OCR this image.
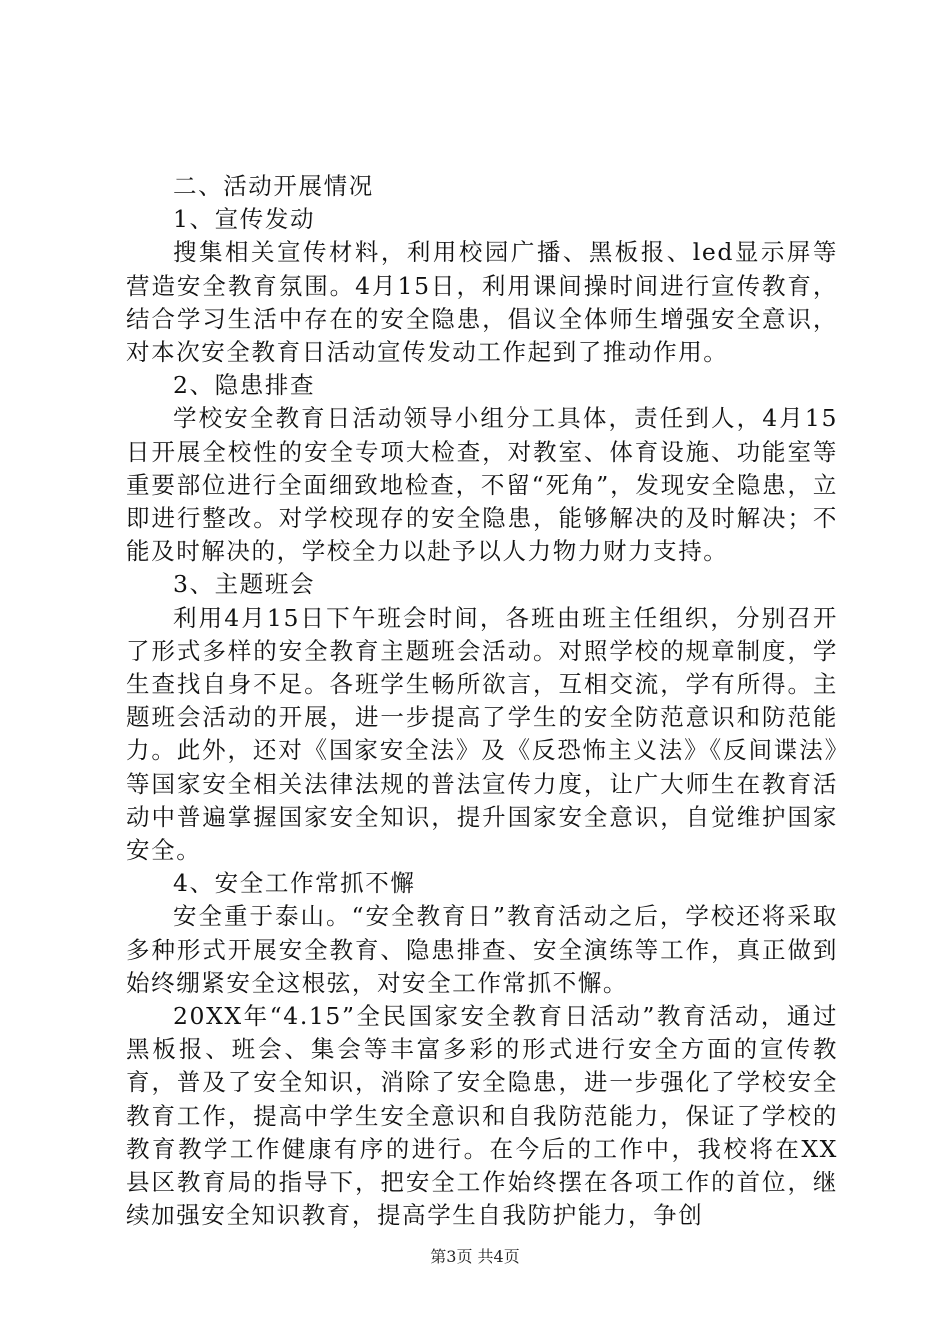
二、活动开展情况

1、宣传发动

搜集相关宣传材料，利用校园广播、黑板报、led显示屏等营造安全教育氛围。4月15日，利用课间操时间进行宣传教育，结合学习生活中存在的安全隐患，倡议全体师生增强安全意识，对本次安全教育日活动宣传发动工作起到了推动作用。

2、隐患排查

学校安全教育日活动领导小组分工具体，责任到人，4月15日开展全校性的安全专项大检查，对教室、体育设施、功能室等重要部位进行全面细致地检查，不留“死角”，发现安全隐患，立即进行整改。对学校现存的安全隐患，能够解决的及时解决；不能及时解决的，学校全力以赴予以人力物力财力支持。

3、主题班会

利用4月15日下午班会时间，各班由班主任组织，分别召开了形式多样的安全教育主题班会活动。对照学校的规章制度，学生查找自身不足。各班学生畅所欲言，互相交流，学有所得。主题班会活动的开展，进一步提高了学生的安全防范意识和防范能力。此外，还对《国家安全法》及《反恐怖主义法》《反间谍法》等国家安全相关法律法规的普法宣传力度，让广大师生在教育活动中普遍掌握国家安全知识，提升国家安全意识，自觉维护国家安全。

4、安全工作常抓不懈

安全重于泰山。“安全教育日”教育活动之后，学校还将采取多种形式开展安全教育、隐患排查、安全演练等工作，真正做到始终绷紧安全这根弦，对安全工作常抓不懈。

20XX年“4.15”全民国家安全教育日活动”教育活动，通过黑板报、班会、集会等丰富多彩的形式进行安全方面的宣传教育，普及了安全知识，消除了安全隐患，进一步强化了学校安全教育工作，提高中学生安全意识和自我防范能力，保证了学校的教育教学工作健康有序的进行。在今后的工作中，我校将在XX县区教育局的指导下，把安全工作始终摆在各项工作的首位，继续加强安全知识教育，提高学生自我防护能力，争创

第3页 共4页
